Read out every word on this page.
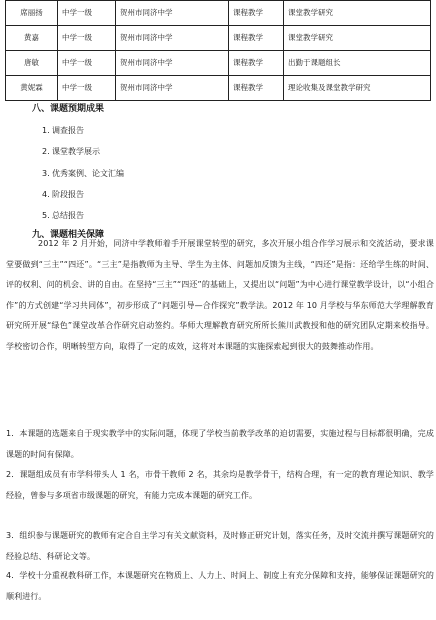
席丽扬	中学一级	贺州市同济中学	课程教学	课堂教学研究
黄嘉	中学一级	贺州市同济中学	课程教学	课堂教学研究
唐敏	中学一级	贺州市同济中学	课程教学	出勤于课题组长
黄妮霖	中学一级	贺州市同济中学	课程教学	理论收集及课堂教学研究
八、课题预期成果
1. 调查报告
2. 课堂教学展示
3. 优秀案例、论文汇编
4. 阶段报告
5. 总结报告
九、课题相关保障

2012 年 2 月开始，同济中学教师着手开展课堂转型的研究，多次开展小组合作学习展示和交流活动，要求课堂要做到“三主”“四还”。“三主”是指教师为主导、学生为主体、问题加反馈为主线，“四还”是指：还给学生练的时间、评的权利、问的机会、讲的自由。在坚持“三主”“四还”的基础上，又提出以“问题”为中心进行课堂教学设计，以“小组合作”的方式创建“学习共同体”，初步形成了“问题引导—合作探究”教学法。2012 年 10 月学校与华东师范大学理解教育研究所开展“绿色”课堂改革合作研究启动签约。华师大理解教育研究所所长熊川武教授和他的研究团队定期来校指导。学校密切合作，明晰转型方向，取得了一定的成效，这将对本课题的实施探索起到很大的鼓舞推动作用。

1．本课题的选题来自于现实教学中的实际问题，体现了学校当前教学改革的迫切需要，实施过程与目标都很明确，完成课题的时间有保障。

2．课题组成员有市学科带头人 1 名，市骨干教师 2 名，其余均是教学骨干，结构合理，有一定的教育理论知识、教学经验，曾参与多项省市级课题的研究，有能力完成本课题的研究工作。

3．组织参与课题研究的教师有定合自主学习有关文献资料，及时修正研究计划，落实任务，及时交流并撰写课题研究的经验总结、科研论文等。

4．学校十分重视教科研工作，本课题研究在物质上、人力上、时间上、制度上有充分保障和支持，能够保证课题研究的顺利进行。
